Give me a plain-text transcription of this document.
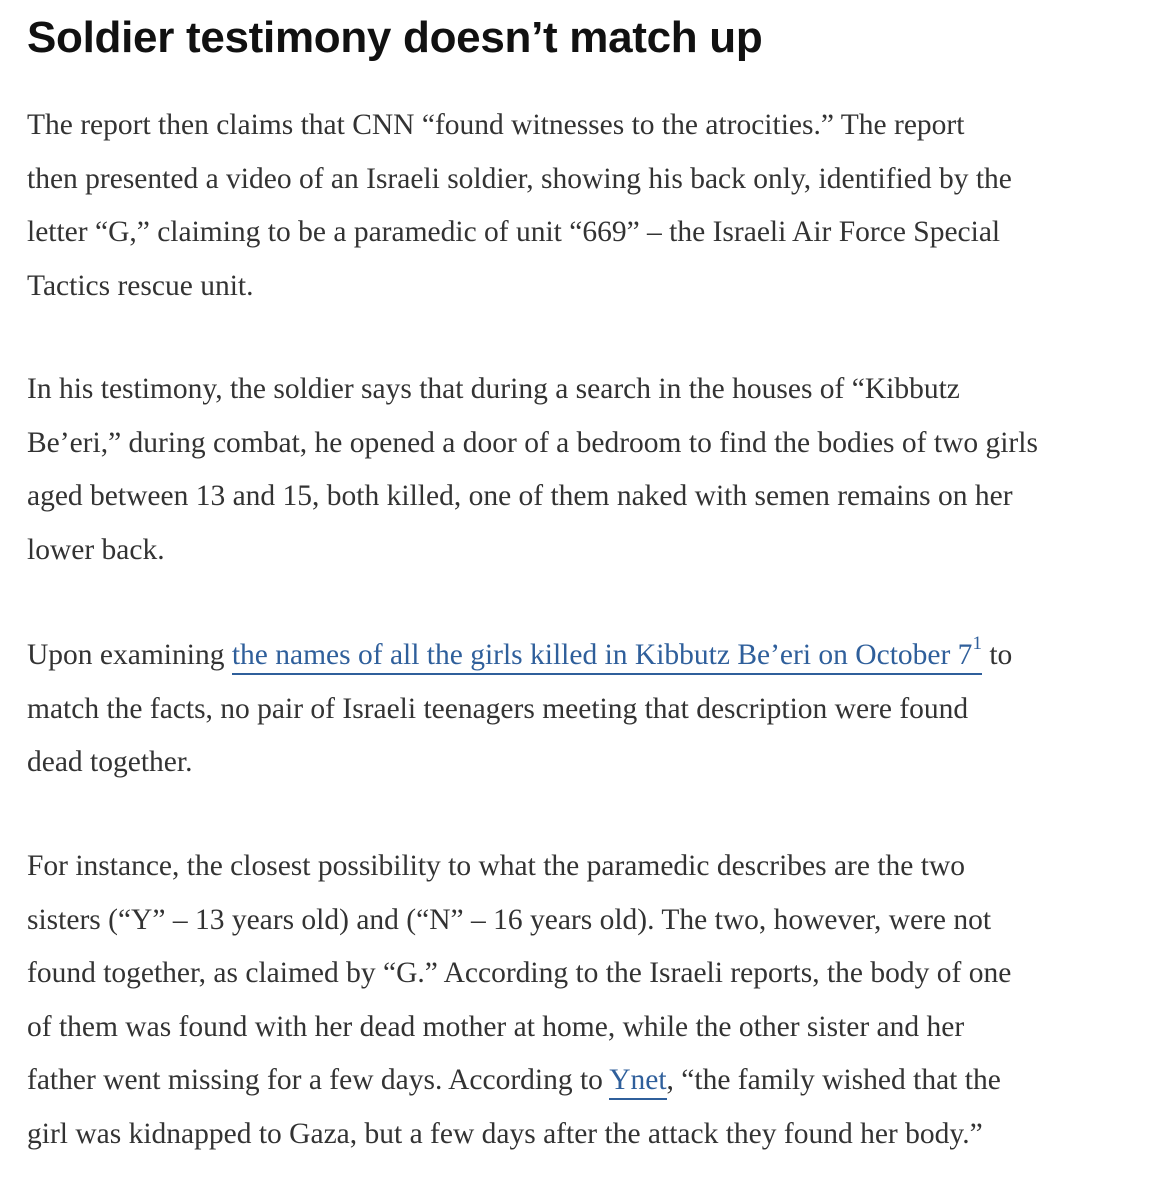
Soldier testimony doesn’t match up

The report then claims that CNN “found witnesses to the atrocities.” The report
then presented a video of an Israeli soldier, showing his back only, identified by the
letter “G,” claiming to be a paramedic of unit “669” – the Israeli Air Force Special
Tactics rescue unit.

In his testimony, the soldier says that during a search in the houses of “Kibbutz
Be’eri,” during combat, he opened a door of a bedroom to find the bodies of two girls
aged between 13 and 15, both killed, one of them naked with semen remains on her
lower back.

Upon examining the names of all the girls killed in Kibbutz Be’eri on October 7$^1$ to
match the facts, no pair of Israeli teenagers meeting that description were found
dead together.

For instance, the closest possibility to what the paramedic describes are the two
sisters (“Y” – 13 years old) and (“N” – 16 years old). The two, however, were not
found together, as claimed by “G.” According to the Israeli reports, the body of one
of them was found with her dead mother at home, while the other sister and her
father went missing for a few days. According to Ynet, “the family wished that the
girl was kidnapped to Gaza, but a few days after the attack they found her body.”
